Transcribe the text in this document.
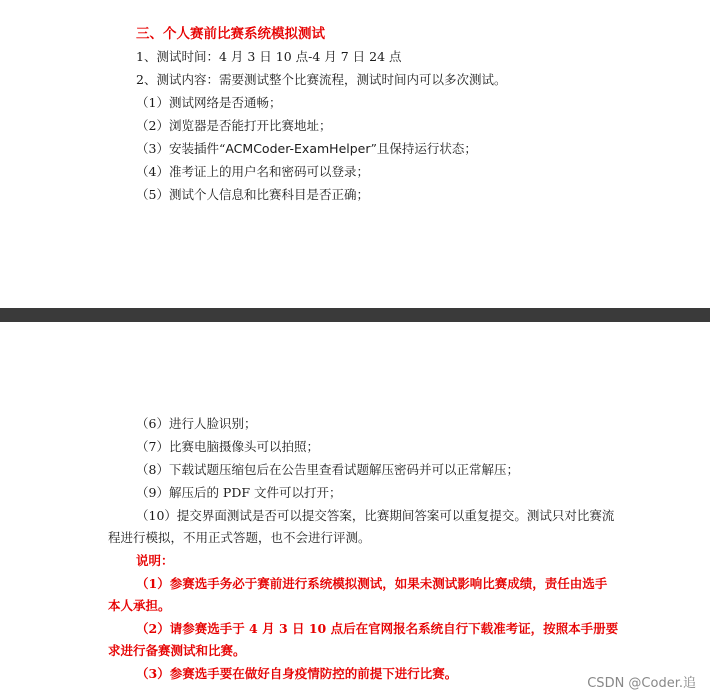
三、个人赛前比赛系统模拟测试
1、测试时间：4 月 3 日 10 点-4 月 7 日 24 点
2、测试内容：需要测试整个比赛流程，测试时间内可以多次测试。
（1）测试网络是否通畅；
（2）浏览器是否能打开比赛地址；
（3）安装插件“ACMCoder-ExamHelper”且保持运行状态；
（4）准考证上的用户名和密码可以登录；
（5）测试个人信息和比赛科目是否正确；
（6）进行人脸识别；
（7）比赛电脑摄像头可以拍照；
（8）下载试题压缩包后在公告里查看试题解压密码并可以正常解压；
（9）解压后的 PDF 文件可以打开；
（10）提交界面测试是否可以提交答案，比赛期间答案可以重复提交。测试只对比赛流
程进行模拟，不用正式答题，也不会进行评测。
说明：
（1）参赛选手务必于赛前进行系统模拟测试，如果未测试影响比赛成绩，责任由选手
本人承担。
（2）请参赛选手于 4 月 3 日 10 点后在官网报名系统自行下载准考证，按照本手册要
求进行备赛测试和比赛。
（3）参赛选手要在做好自身疫情防控的前提下进行比赛。
CSDN @Coder.追
